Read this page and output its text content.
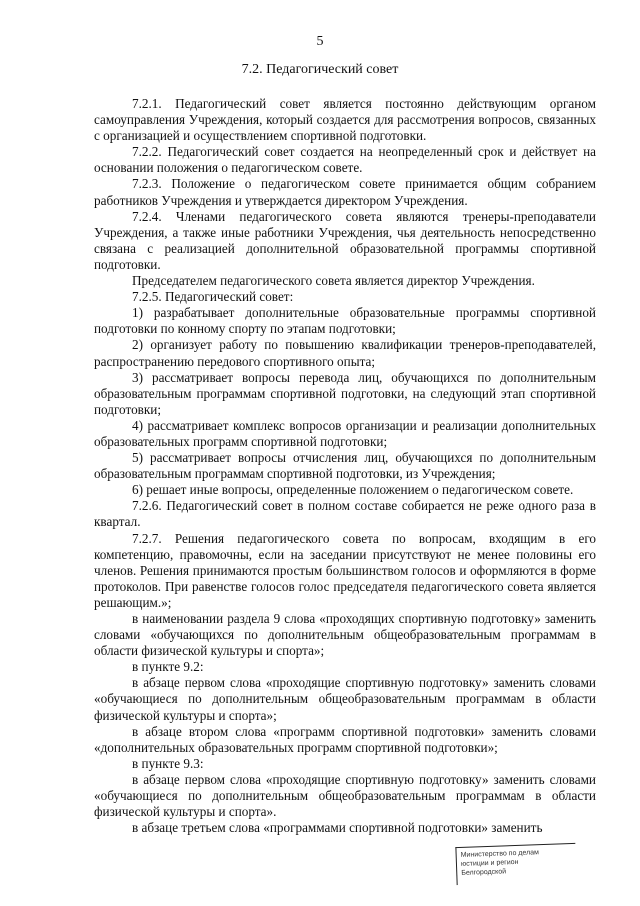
5
7.2. Педагогический совет

7.2.1. Педагогический совет является постоянно действующим органом самоуправления Учреждения, который создается для рассмотрения вопросов, связанных с организацией и осуществлением спортивной подготовки.

7.2.2. Педагогический совет создается на неопределенный срок и действует на основании положения о педагогическом совете.

7.2.3. Положение о педагогическом совете принимается общим собранием работников Учреждения и утверждается директором Учреждения.

7.2.4. Членами педагогического совета являются тренеры-преподаватели Учреждения, а также иные работники Учреждения, чья деятельность непосредственно связана с реализацией дополнительной образовательной программы спортивной подготовки.

Председателем педагогического совета является директор Учреждения.

7.2.5. Педагогический совет:

1) разрабатывает дополнительные образовательные программы спортивной подготовки по конному спорту по этапам подготовки;

2) организует работу по повышению квалификации тренеров-преподавателей, распространению передового спортивного опыта;

3) рассматривает вопросы перевода лиц, обучающихся по дополнительным образовательным программам спортивной подготовки, на следующий этап спортивной подготовки;

4) рассматривает комплекс вопросов организации и реализации дополнительных образовательных программ спортивной подготовки;

5) рассматривает вопросы отчисления лиц, обучающихся по дополнительным образовательным программам спортивной подготовки, из Учреждения;

6) решает иные вопросы, определенные положением о педагогическом совете.

7.2.6. Педагогический совет в полном составе собирается не реже одного раза в квартал.

7.2.7. Решения педагогического совета по вопросам, входящим в его компетенцию, правомочны, если на заседании присутствуют не менее половины его членов. Решения принимаются простым большинством голосов и оформляются в форме протоколов. При равенстве голосов голос председателя педагогического совета является решающим.»;

в наименовании раздела 9 слова «проходящих спортивную подготовку» заменить словами «обучающихся по дополнительным общеобразовательным программам в области физической культуры и спорта»;

в пункте 9.2:

в абзаце первом слова «проходящие спортивную подготовку» заменить словами «обучающиеся по дополнительным общеобразовательным программам в области физической культуры и спорта»;

в абзаце втором слова «программ спортивной подготовки» заменить словами «дополнительных образовательных программ спортивной подготовки»;

в пункте 9.3:

в абзаце первом слова «проходящие спортивную подготовку» заменить словами «обучающиеся по дополнительным общеобразовательным программам в области физической культуры и спорта».

в абзаце третьем слова «программами спортивной подготовки» заменить

Министерство по делам
юстиции и регион
Белгородской
